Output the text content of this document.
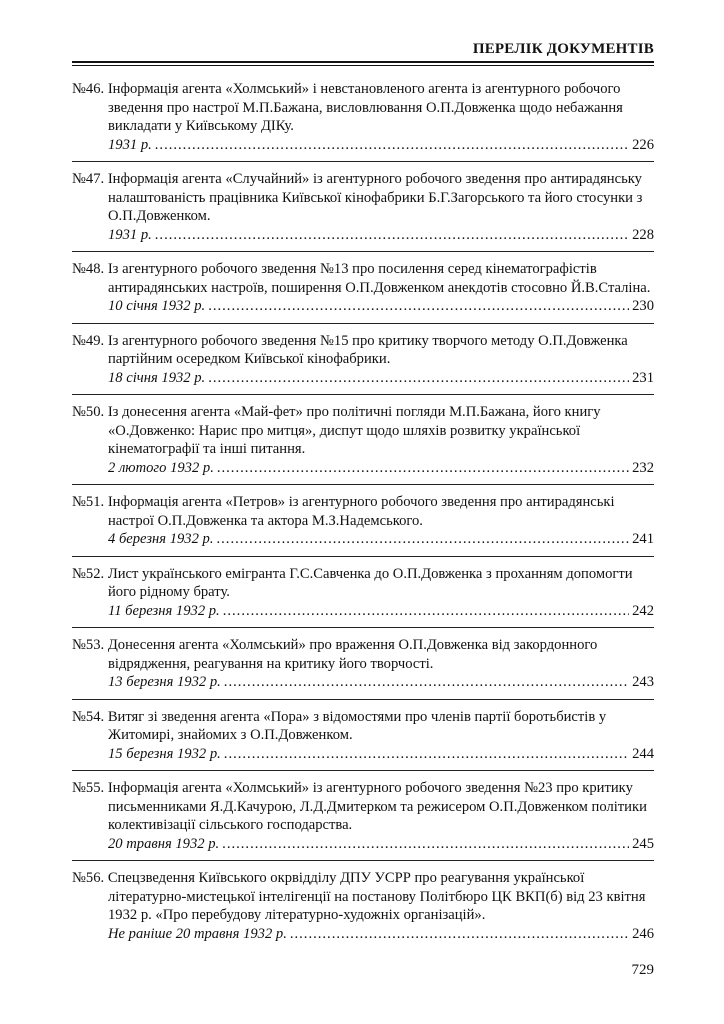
ПЕРЕЛІК ДОКУМЕНТІВ
№46. Інформація агента «Холмський» і невстановленого агента із агентурного робочого зведення про настрої М.П.Бажана, висловлювання О.П.Довженка щодо небажання викладати у Київському ДІКу.
1931 р. .....	226
№47. Інформація агента «Случайний» із агентурного робочого зведення про антирадянську налаштованість працівника Київської кінофабрики Б.Г.Загорського та його стосунки з О.П.Довженком.
1931 р. .....	228
№48. Із агентурного робочого зведення №13 про посилення серед кінематографістів антирадянських настроїв, поширення О.П.Довженком анекдотів стосовно Й.В.Сталіна.
10 січня 1932 р. .....	230
№49. Із агентурного робочого зведення №15 про критику творчого методу О.П.Довженка партійним осередком Київської кінофабрики.
18 січня 1932 р. .....	231
№50. Із донесення агента «Май-фет» про політичні погляди М.П.Бажана, його книгу «О.Довженко: Нарис про митця», диспут щодо шляхів розвитку української кінематографії та інші питання.
2 лютого 1932 р. .....	232
№51. Інформація агента «Петров» із агентурного робочого зведення про антирадянські настрої О.П.Довженка та актора М.З.Надемського.
4 березня 1932 р. .....	241
№52. Лист українського емігранта Г.С.Савченка до О.П.Довженка з проханням допомогти його рідному брату.
11 березня 1932 р. .....	242
№53. Донесення агента «Холмський» про враження О.П.Довженка від закордонного відрядження, реагування на критику його творчості.
13 березня 1932 р. .....	243
№54. Витяг зі зведення агента «Пора» з відомостями про членів партії боротьбистів у Житомирі, знайомих з О.П.Довженком.
15 березня 1932 р. .....	244
№55. Інформація агента «Холмський» із агентурного робочого зведення №23 про критику письменниками Я.Д.Качурою, Л.Д.Дмитерком та режисером О.П.Довженком політики колективізації сільського господарства.
20 травня 1932 р. .....	245
№56. Спецзведення Київського окрвідділу ДПУ УСРР про реагування української літературно-мистецької інтелігенції на постанову Політбюро ЦК ВКП(б) від 23 квітня 1932 р. «Про перебудову літературно-художніх організацій».
Не раніше 20 травня 1932 р. .....	246
729
